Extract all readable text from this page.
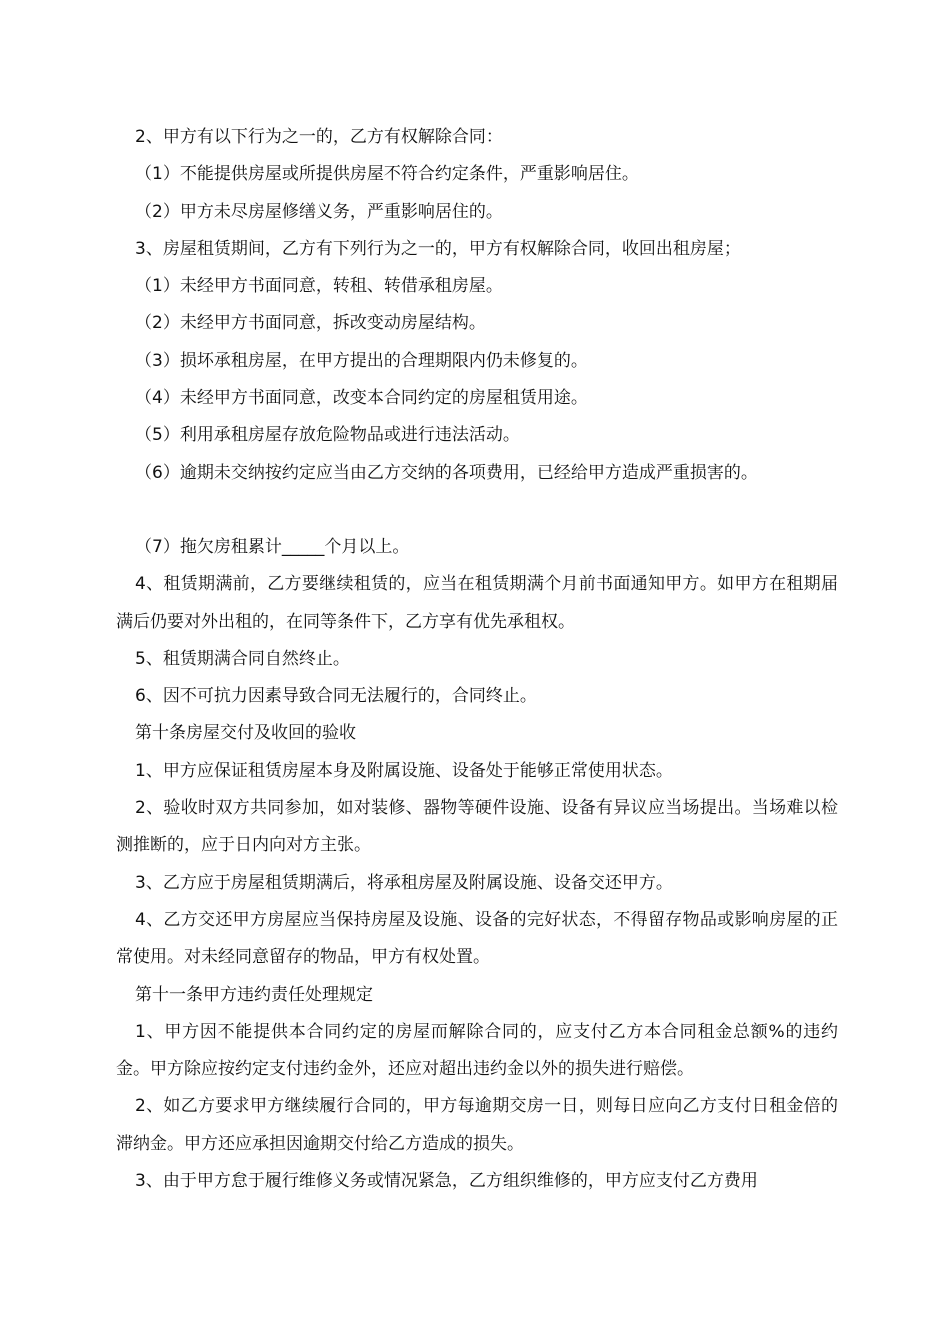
2、甲方有以下行为之一的，乙方有权解除合同：

（1）不能提供房屋或所提供房屋不符合约定条件，严重影响居住。

（2）甲方未尽房屋修缮义务，严重影响居住的。

3、房屋租赁期间，乙方有下列行为之一的，甲方有权解除合同，收回出租房屋；

（1）未经甲方书面同意，转租、转借承租房屋。

（2）未经甲方书面同意，拆改变动房屋结构。

（3）损坏承租房屋，在甲方提出的合理期限内仍未修复的。

（4）未经甲方书面同意，改变本合同约定的房屋租赁用途。

（5）利用承租房屋存放危险物品或进行违法活动。

（6）逾期未交纳按约定应当由乙方交纳的各项费用，已经给甲方造成严重损害的。

（7）拖欠房租累计_____个月以上。

4、租赁期满前，乙方要继续租赁的，应当在租赁期满个月前书面通知甲方。如甲方在租期届满后仍要对外出租的，在同等条件下，乙方享有优先承租权。

5、租赁期满合同自然终止。

6、因不可抗力因素导致合同无法履行的，合同终止。

第十条房屋交付及收回的验收

1、甲方应保证租赁房屋本身及附属设施、设备处于能够正常使用状态。

2、验收时双方共同参加，如对装修、器物等硬件设施、设备有异议应当场提出。当场难以检测推断的，应于日内向对方主张。

3、乙方应于房屋租赁期满后，将承租房屋及附属设施、设备交还甲方。

4、乙方交还甲方房屋应当保持房屋及设施、设备的完好状态，不得留存物品或影响房屋的正常使用。对未经同意留存的物品，甲方有权处置。

第十一条甲方违约责任处理规定

1、甲方因不能提供本合同约定的房屋而解除合同的，应支付乙方本合同租金总额%的违约金。甲方除应按约定支付违约金外，还应对超出违约金以外的损失进行赔偿。

2、如乙方要求甲方继续履行合同的，甲方每逾期交房一日，则每日应向乙方支付日租金倍的滞纳金。甲方还应承担因逾期交付给乙方造成的损失。

3、由于甲方怠于履行维修义务或情况紧急，乙方组织维修的，甲方应支付乙方费用
